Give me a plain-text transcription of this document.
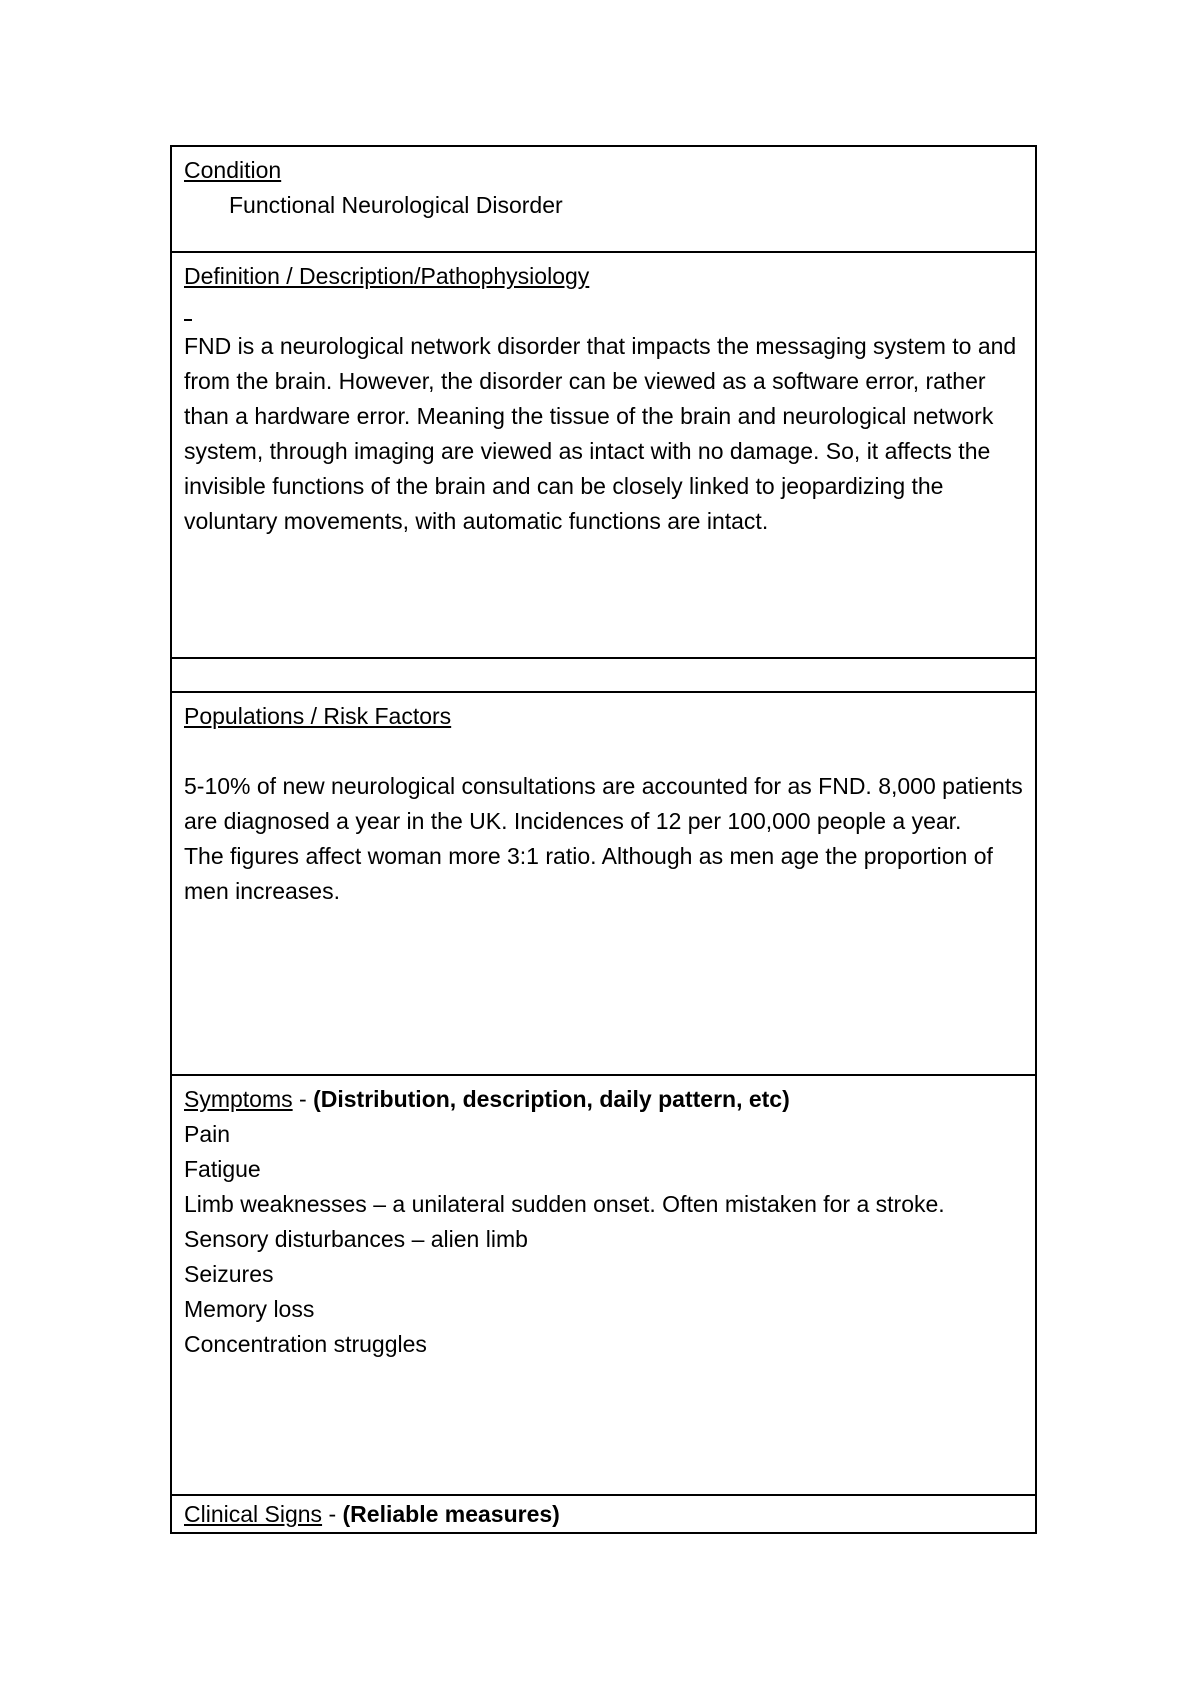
Condition
Functional Neurological Disorder
Definition / Description/Pathophysiology

FND is a neurological network disorder that impacts the messaging system to and from the brain. However, the disorder can be viewed as a software error, rather than a hardware error. Meaning the tissue of the brain and neurological network system, through imaging are viewed as intact with no damage. So, it affects the invisible functions of the brain and can be closely linked to jeopardizing the voluntary movements, with automatic functions are intact.

Populations / Risk Factors

5-10% of new neurological consultations are accounted for as FND. 8,000 patients are diagnosed a year in the UK. Incidences of 12 per 100,000 people a year.

The figures affect woman more 3:1 ratio. Although as men age the proportion of men increases.

Symptoms - (Distribution, description, daily pattern, etc)
Pain
Fatigue
Limb weaknesses – a unilateral sudden onset. Often mistaken for a stroke.
Sensory disturbances – alien limb
Seizures
Memory loss
Concentration struggles
Clinical Signs - (Reliable measures)
